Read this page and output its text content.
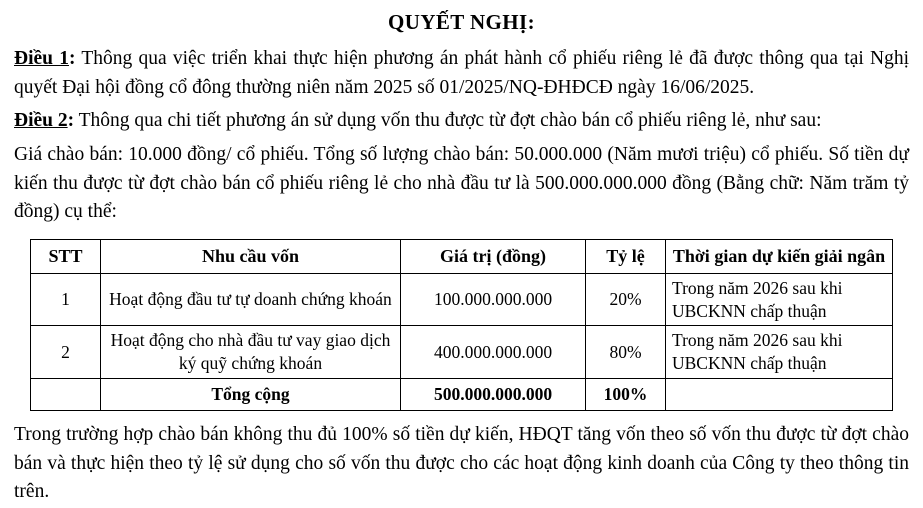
QUYẾT NGHỊ:
Điều 1: Thông qua việc triển khai thực hiện phương án phát hành cổ phiếu riêng lẻ đã được thông qua tại Nghị quyết Đại hội đồng cổ đông thường niên năm 2025 số 01/2025/NQ-ĐHĐCĐ ngày 16/06/2025.
Điều 2: Thông qua chi tiết phương án sử dụng vốn thu được từ đợt chào bán cổ phiếu riêng lẻ, như sau:
Giá chào bán: 10.000 đồng/ cổ phiếu. Tổng số lượng chào bán: 50.000.000 (Năm mươi triệu) cổ phiếu. Số tiền dự kiến thu được từ đợt chào bán cổ phiếu riêng lẻ cho nhà đầu tư là 500.000.000.000 đồng (Bằng chữ: Năm trăm tỷ đồng) cụ thể:
STT	Nhu cầu vốn	Giá trị (đồng)	Tỷ lệ	Thời gian dự kiến giải ngân
1	Hoạt động đầu tư tự doanh chứng khoán	100.000.000.000	20%	Trong năm 2026 sau khi UBCKNN chấp thuận
2	Hoạt động cho nhà đầu tư vay giao dịch ký quỹ chứng khoán	400.000.000.000	80%	Trong năm 2026 sau khi UBCKNN chấp thuận
	Tổng cộng	500.000.000.000	100%	
Trong trường hợp chào bán không thu đủ 100% số tiền dự kiến, HĐQT tăng vốn theo số vốn thu được từ đợt chào bán và thực hiện theo tỷ lệ sử dụng cho số vốn thu được cho các hoạt động kinh doanh của Công ty theo thông tin trên.
